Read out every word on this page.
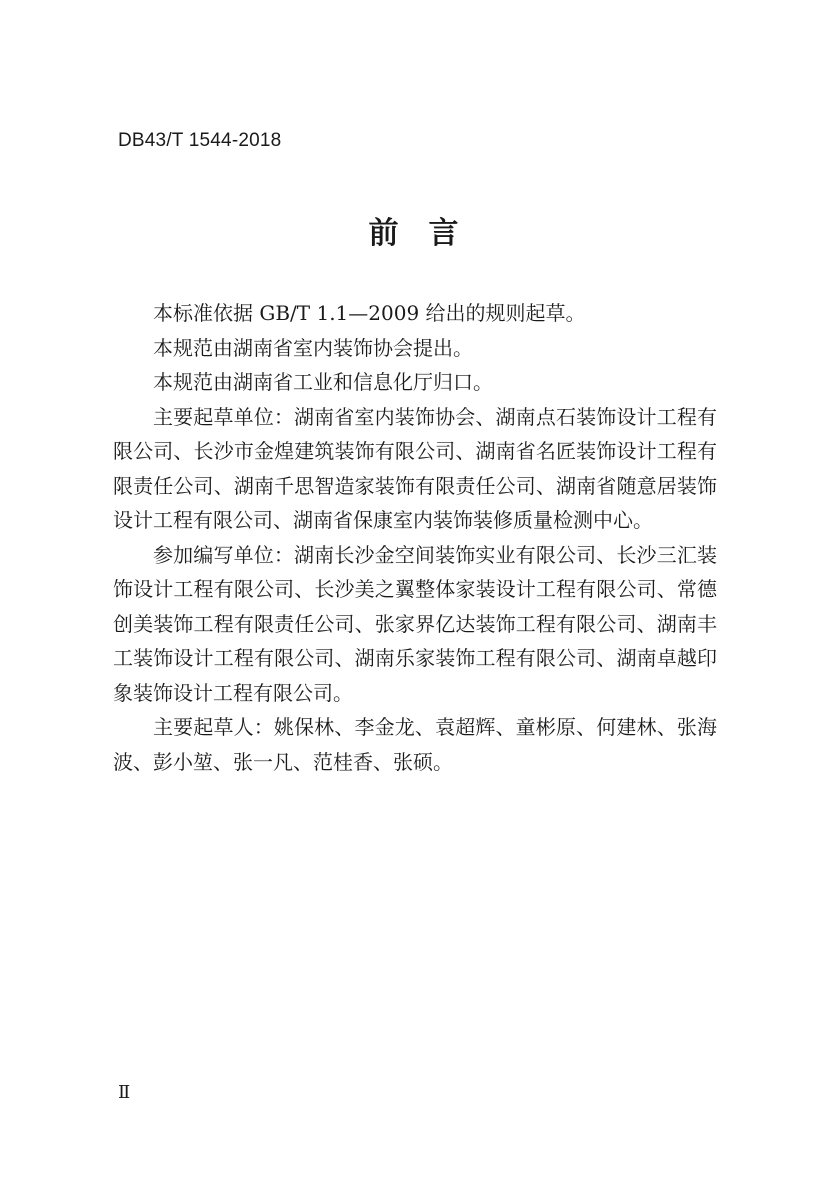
DB43/T 1544-2018
前 言

本标准依据 GB/T 1.1—2009 给出的规则起草。

本规范由湖南省室内装饰协会提出。

本规范由湖南省工业和信息化厅归口。

主要起草单位：湖南省室内装饰协会、湖南点石装饰设计工程有限公司、长沙市金煌建筑装饰有限公司、湖南省名匠装饰设计工程有限责任公司、湖南千思智造家装饰有限责任公司、湖南省随意居装饰设计工程有限公司、湖南省保康室内装饰装修质量检测中心。

参加编写单位：湖南长沙金空间装饰实业有限公司、长沙三汇装饰设计工程有限公司、长沙美之翼整体家装设计工程有限公司、常德创美装饰工程有限责任公司、张家界亿达装饰工程有限公司、湖南丰工装饰设计工程有限公司、湖南乐家装饰工程有限公司、湖南卓越印象装饰设计工程有限公司。

主要起草人：姚保林、李金龙、袁超辉、童彬原、何建林、张海波、彭小堃、张一凡、范桂香、张硕。

Ⅱ
